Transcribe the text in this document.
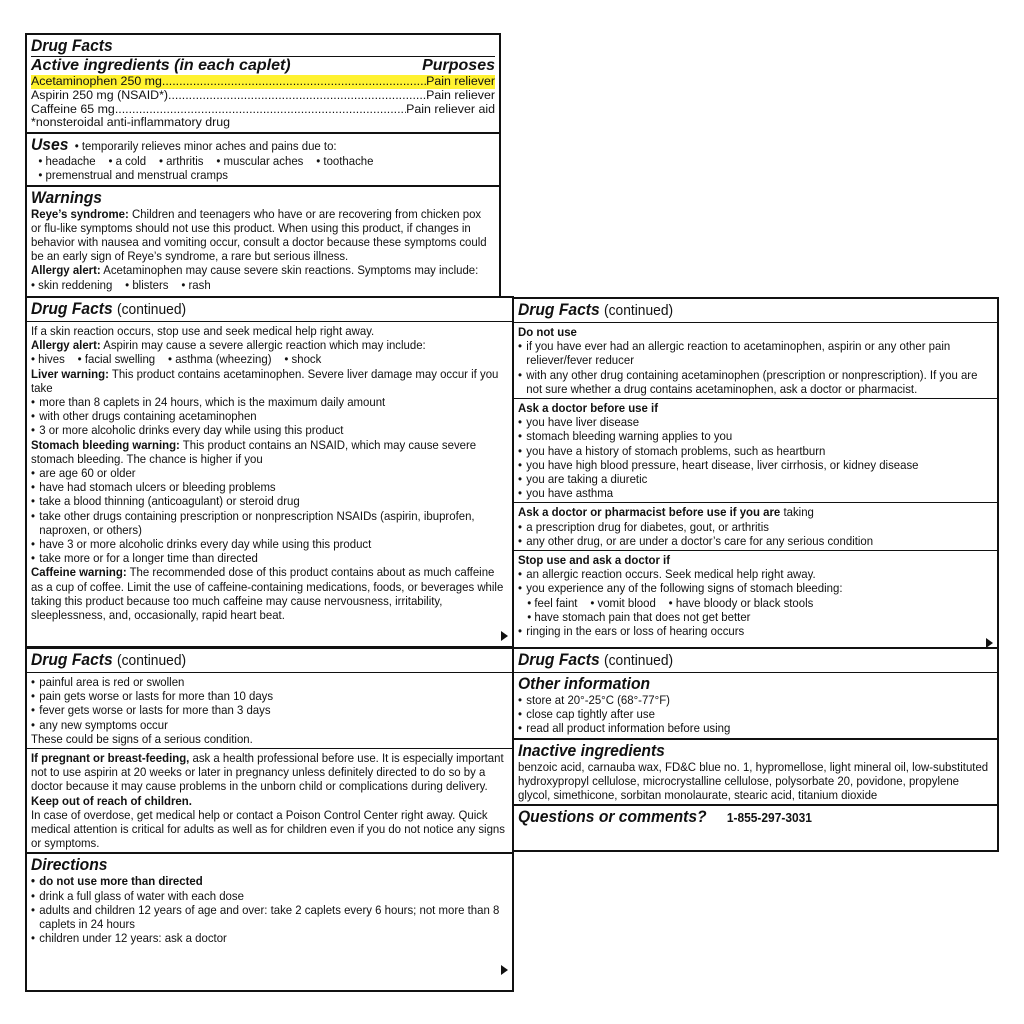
Drug Facts
Active ingredients (in each caplet)	Purposes
Acetaminophen 250 mg .....	Pain reliever
Aspirin 250 mg (NSAID*) .....	Pain reliever
Caffeine 65 mg .....	Pain reliever aid
*nonsteroidal anti-inflammatory drug
Uses  • temporarily relieves minor aches and pains due to:
• headache • a cold • arthritis • muscular aches • toothache
• premenstrual and menstrual cramps
Warnings
Reye’s syndrome: Children and teenagers who have or are recovering from chicken pox or flu-like symptoms should not use this product. When using this product, if changes in behavior with nausea and vomiting occur, consult a doctor because these symptoms could be an early sign of Reye’s syndrome, a rare but serious illness.
Allergy alert: Acetaminophen may cause severe skin reactions. Symptoms may include:
• skin reddening • blisters • rash
Drug Facts (continued)
If a skin reaction occurs, stop use and seek medical help right away.
Allergy alert: Aspirin may cause a severe allergic reaction which may include:
• hives • facial swelling • asthma (wheezing) • shock
Liver warning: This product contains acetaminophen. Severe liver damage may occur if you take
• more than 8 caplets in 24 hours, which is the maximum daily amount
• with other drugs containing acetaminophen
• 3 or more alcoholic drinks every day while using this product
Stomach bleeding warning: This product contains an NSAID, which may cause severe stomach bleeding. The chance is higher if you
• are age 60 or older
• have had stomach ulcers or bleeding problems
• take a blood thinning (anticoagulant) or steroid drug
• take other drugs containing prescription or nonprescription NSAIDs (aspirin, ibuprofen, naproxen, or others)
• have 3 or more alcoholic drinks every day while using this product
• take more or for a longer time than directed
Caffeine warning: The recommended dose of this product contains about as much caffeine as a cup of coffee. Limit the use of caffeine-containing medications, foods, or beverages while taking this product because too much caffeine may cause nervousness, irritability, sleeplessness, and, occasionally, rapid heart beat.
Drug Facts (continued)
Do not use
• if you have ever had an allergic reaction to acetaminophen, aspirin or any other pain reliever/fever reducer
• with any other drug containing acetaminophen (prescription or nonprescription). If you are not sure whether a drug contains acetaminophen, ask a doctor or pharmacist.
Ask a doctor before use if
• you have liver disease
• stomach bleeding warning applies to you
• you have a history of stomach problems, such as heartburn
• you have high blood pressure, heart disease, liver cirrhosis, or kidney disease
• you are taking a diuretic
• you have asthma
Ask a doctor or pharmacist before use if you are taking
• a prescription drug for diabetes, gout, or arthritis
• any other drug, or are under a doctor’s care for any serious condition
Stop use and ask a doctor if
• an allergic reaction occurs. Seek medical help right away.
• you experience any of the following signs of stomach bleeding:
• feel faint • vomit blood • have bloody or black stools
• have stomach pain that does not get better
• ringing in the ears or loss of hearing occurs
Drug Facts (continued)
• painful area is red or swollen
• pain gets worse or lasts for more than 10 days
• fever gets worse or lasts for more than 3 days
• any new symptoms occur
These could be signs of a serious condition.
If pregnant or breast-feeding, ask a health professional before use. It is especially important not to use aspirin at 20 weeks or later in pregnancy unless definitely directed to do so by a doctor because it may cause problems in the unborn child or complications during delivery.
Keep out of reach of children.
In case of overdose, get medical help or contact a Poison Control Center right away. Quick medical attention is critical for adults as well as for children even if you do not notice any signs or symptoms.
Directions
• do not use more than directed
• drink a full glass of water with each dose
• adults and children 12 years of age and over: take 2 caplets every 6 hours; not more than 8 caplets in 24 hours
• children under 12 years: ask a doctor
Drug Facts (continued)
Other information
• store at 20°-25°C (68°-77°F)
• close cap tightly after use
• read all product information before using
Inactive ingredients
benzoic acid, carnauba wax, FD&C blue no. 1, hypromellose, light mineral oil, low-substituted hydroxypropyl cellulose, microcrystalline cellulose, polysorbate 20, povidone, propylene glycol, simethicone, sorbitan monolaurate, stearic acid, titanium dioxide
Questions or comments? 1-855-297-3031
